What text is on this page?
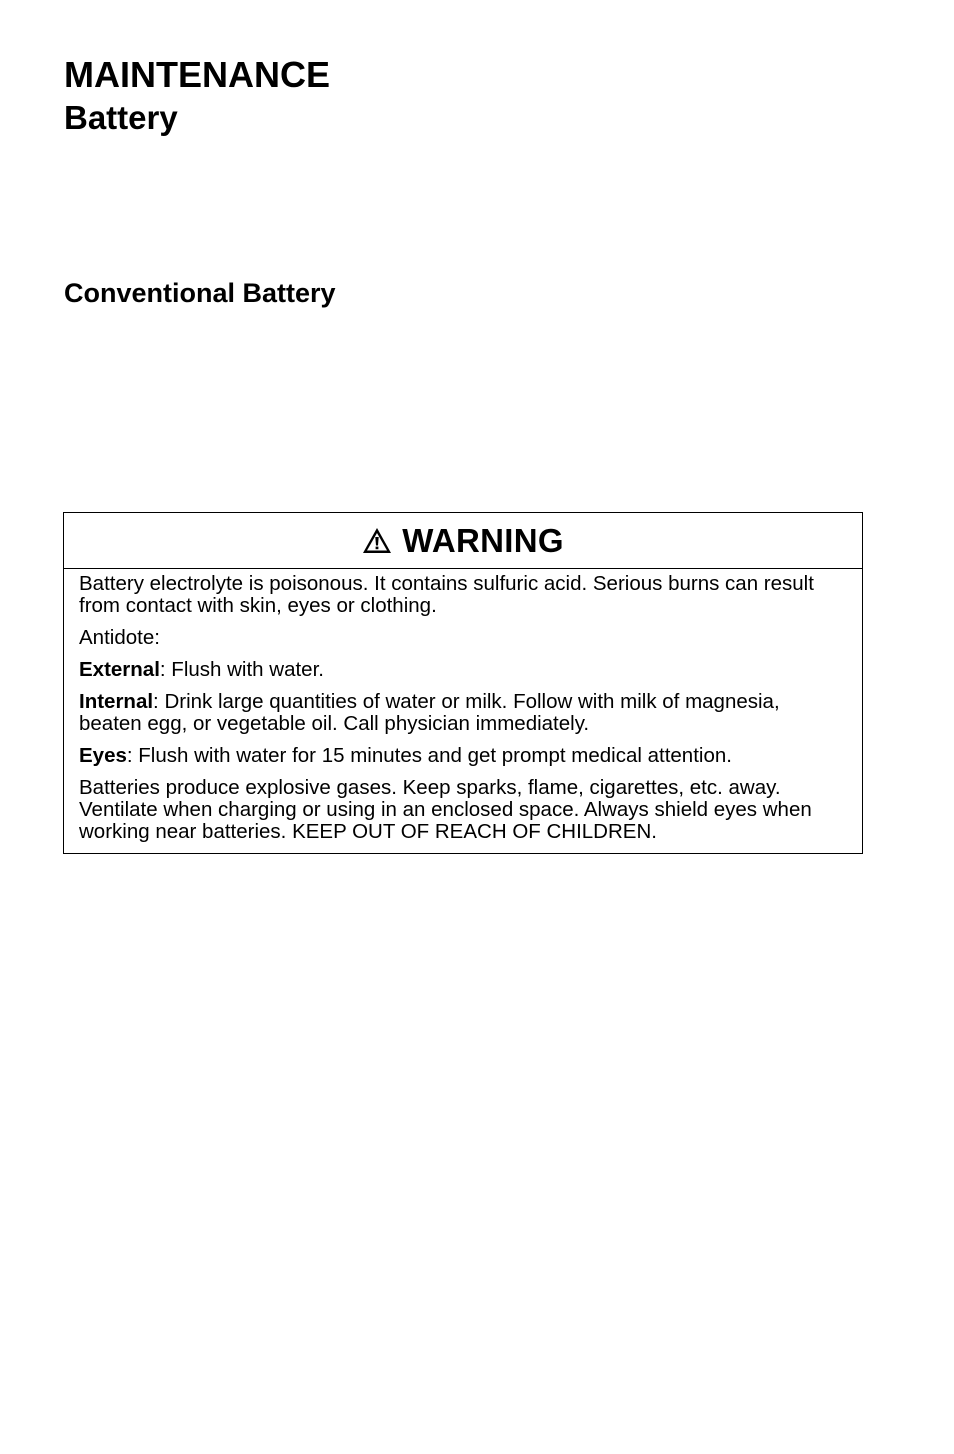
MAINTENANCE
Battery
Conventional Battery
WARNING

Battery electrolyte is poisonous. It contains sulfuric acid. Serious burns can result from contact with skin, eyes or clothing.

Antidote:

External: Flush with water.

Internal: Drink large quantities of water or milk. Follow with milk of magnesia, beaten egg, or vegetable oil. Call physician immediately.

Eyes: Flush with water for 15 minutes and get prompt medical attention.

Batteries produce explosive gases. Keep sparks, flame, cigarettes, etc. away. Ventilate when charging or using in an enclosed space. Always shield eyes when working near batteries. KEEP OUT OF REACH OF CHILDREN.
